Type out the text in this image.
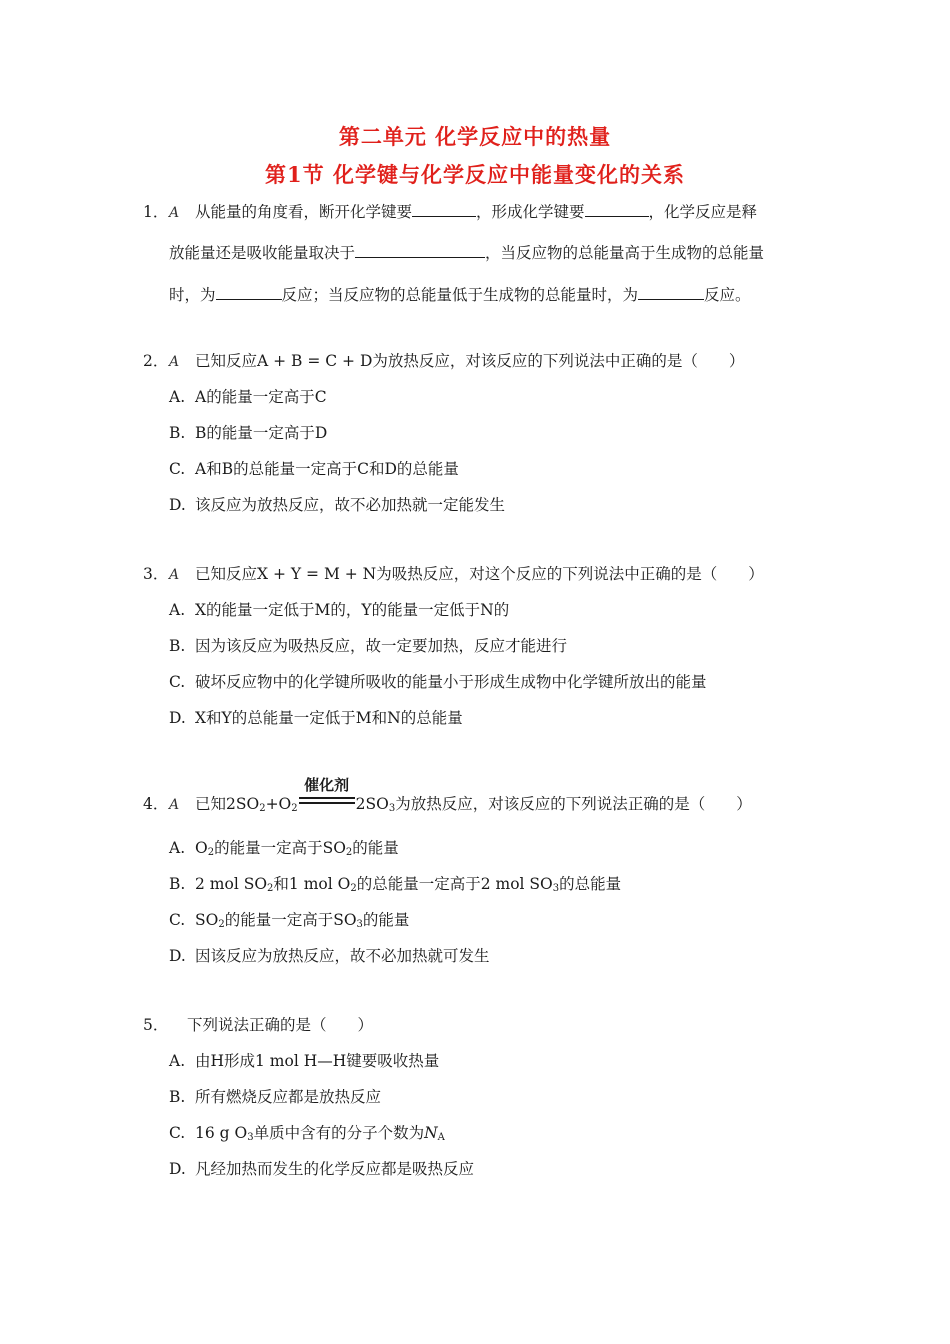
第二单元 化学反应中的热量
第1节 化学键与化学反应中能量变化的关系
1．A 从能量的角度看，断开化学键要	，形成化学键要	，化学反应是释
放能量还是吸收能量取决于	，当反应物的总能量高于生成物的总能量
时，为	反应；当反应物的总能量低于生成物的总能量时，为	反应。
2．A 已知反应A + B = C + D为放热反应，对该反应的下列说法中正确的是（　　）
A. A的能量一定高于C
B. B的能量一定高于D
C. A和B的总能量一定高于C和D的总能量
D. 该反应为放热反应，故不必加热就一定能发生
3．A 已知反应X + Y = M + N为吸热反应，对这个反应的下列说法中正确的是（　　）
A. X的能量一定低于M的，Y的能量一定低于N的
B. 因为该反应为吸热反应，故一定要加热，反应才能进行
C. 破坏反应物中的化学键所吸收的能量小于形成生成物中化学键所放出的能量
D. X和Y的总能量一定低于M和N的总能量
4．A 已知$2SO_2+O_2$
催化剂
$2SO_3$为放热反应，对该反应的下列说法正确的是（　　）
A. $O_2$的能量一定高于$SO_2$的能量
B. 2 mol $SO_2$和1 mol $O_2$的总能量一定高于2 mol $SO_3$的总能量
C. $SO_2$的能量一定高于$SO_3$的能量
D. 因该反应为放热反应，故不必加热就可发生
5． 下列说法正确的是（　　）
A. 由H形成1 mol H—H键要吸收热量
B. 所有燃烧反应都是放热反应
C. 16 g $O_3$单质中含有的分子个数为$N_A$
D. 凡经加热而发生的化学反应都是吸热反应
